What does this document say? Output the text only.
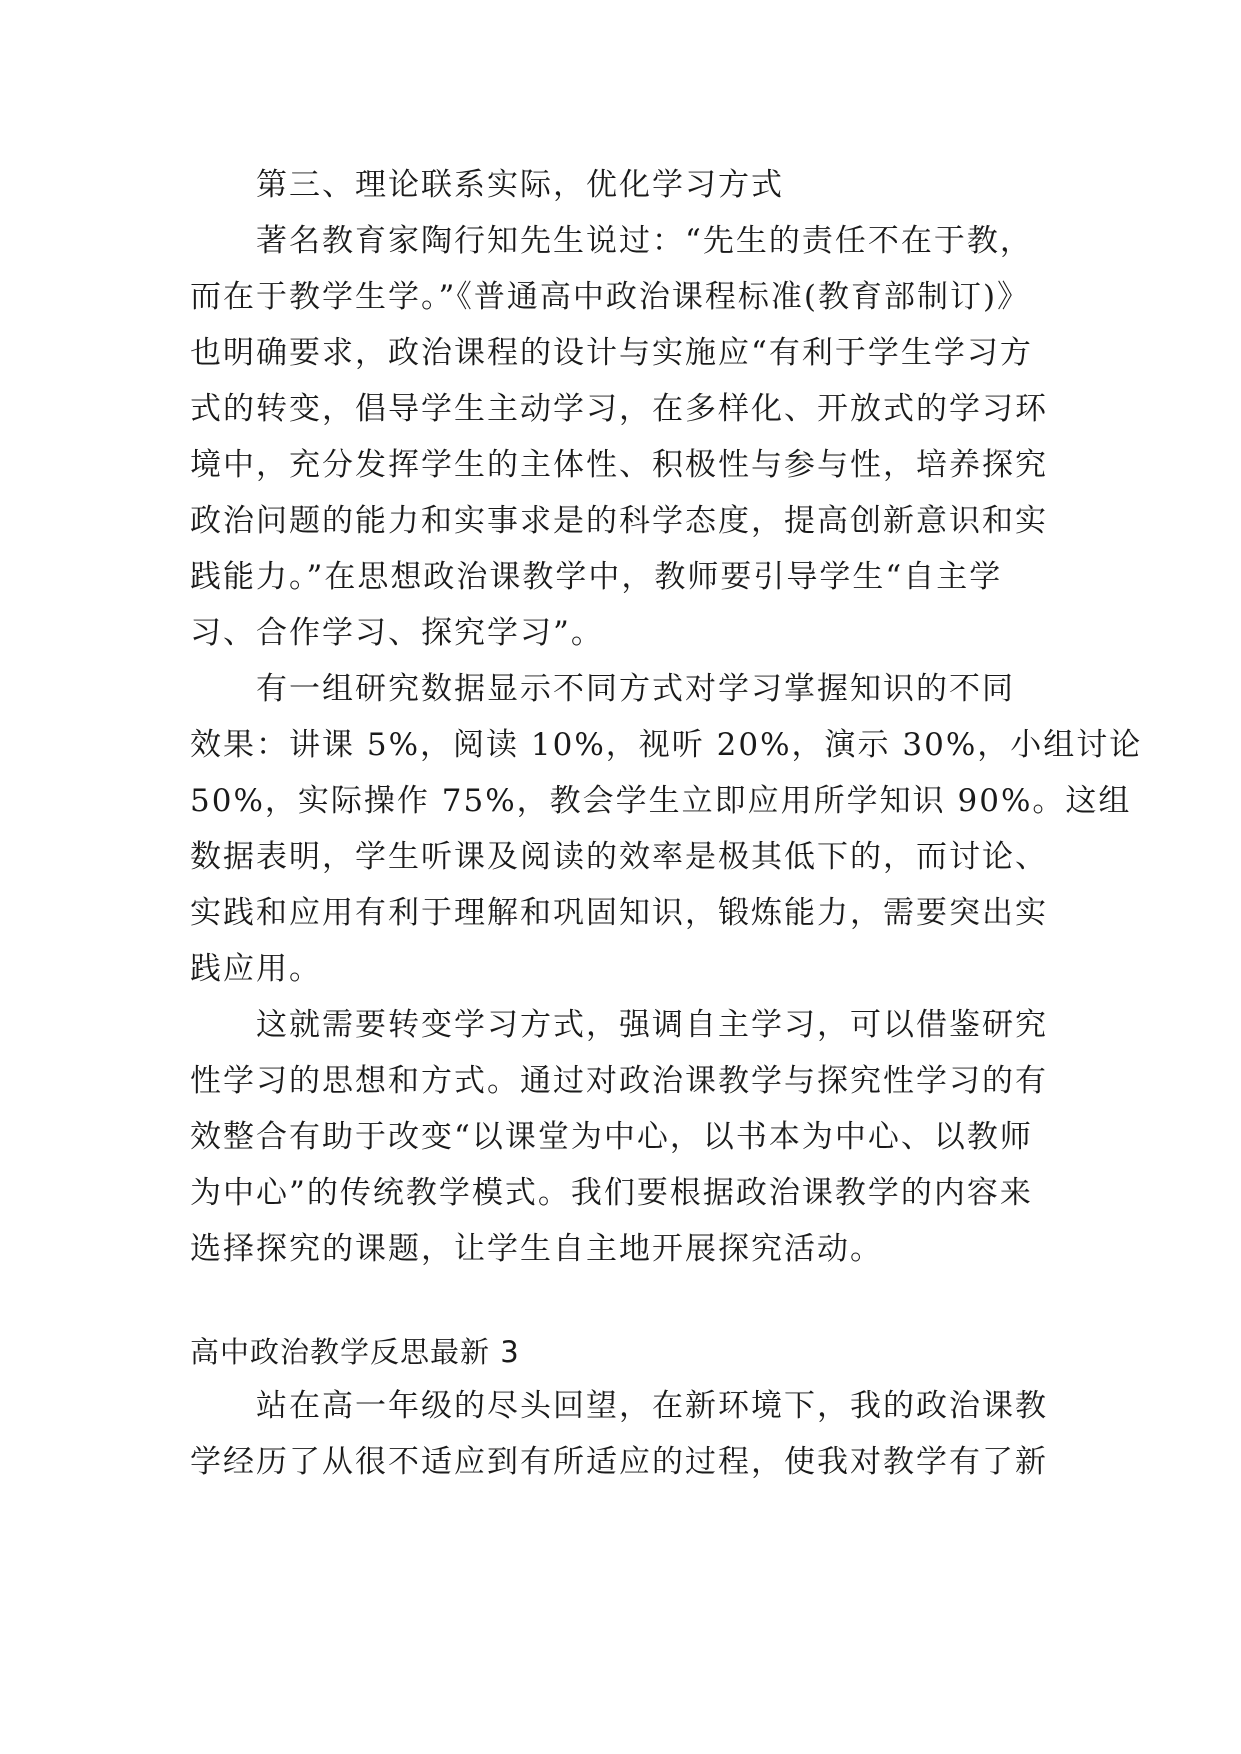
第三、理论联系实际，优化学习方式
著名教育家陶行知先生说过：“先生的责任不在于教，
而在于教学生学。”《普通高中政治课程标准(教育部制订)》
也明确要求，政治课程的设计与实施应“有利于学生学习方
式的转变，倡导学生主动学习，在多样化、开放式的学习环
境中，充分发挥学生的主体性、积极性与参与性，培养探究
政治问题的能力和实事求是的科学态度，提高创新意识和实
践能力。”在思想政治课教学中，教师要引导学生“自主学
习、合作学习、探究学习”。
有一组研究数据显示不同方式对学习掌握知识的不同
效果：讲课 5%，阅读 10%，视听 20%，演示 30%，小组讨论
50%，实际操作 75%，教会学生立即应用所学知识 90%。这组
数据表明，学生听课及阅读的效率是极其低下的，而讨论、
实践和应用有利于理解和巩固知识，锻炼能力，需要突出实
践应用。
这就需要转变学习方式，强调自主学习，可以借鉴研究
性学习的思想和方式。通过对政治课教学与探究性学习的有
效整合有助于改变“以课堂为中心，以书本为中心、以教师
为中心”的传统教学模式。我们要根据政治课教学的内容来
选择探究的课题，让学生自主地开展探究活动。
高中政治教学反思最新 3
站在高一年级的尽头回望，在新环境下，我的政治课教
学经历了从很不适应到有所适应的过程，使我对教学有了新
